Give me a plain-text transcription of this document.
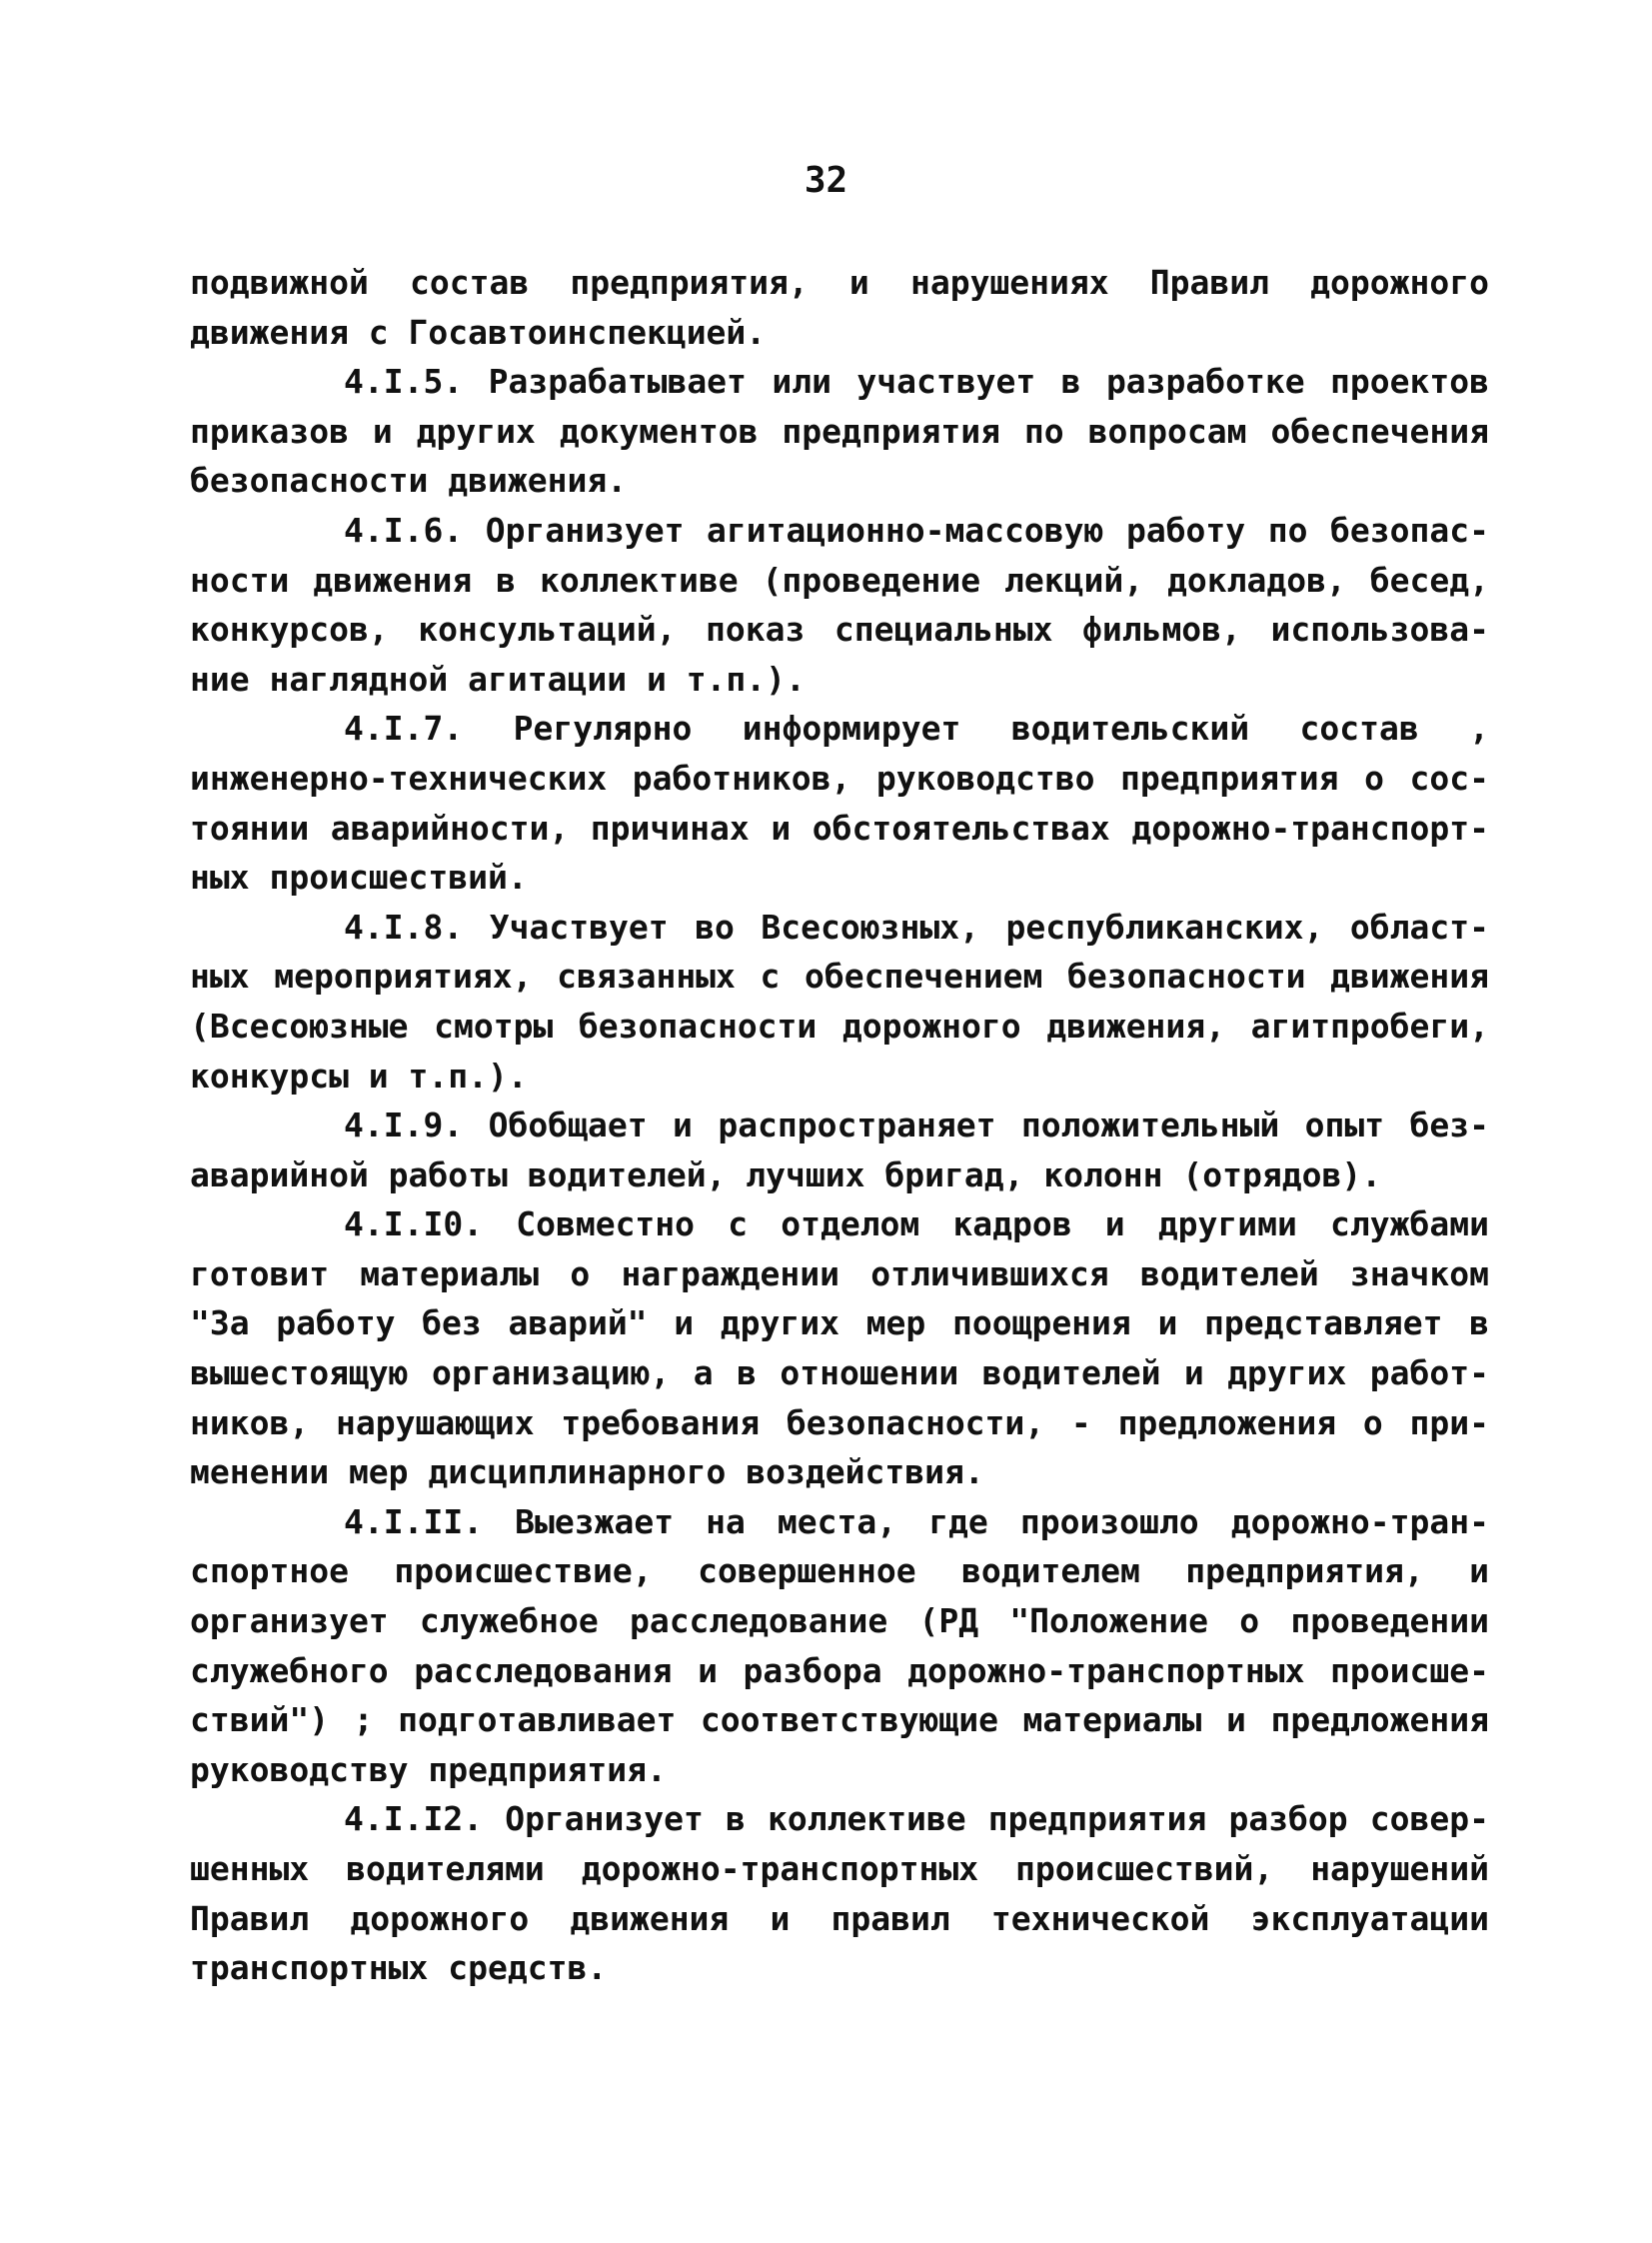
32
подвижной состав предприятия, и нарушениях Правил дорожного
движения с Госавтоинспекцией.
4.I.5. Разрабатывает или участвует в разработке проектов
приказов и других документов предприятия по вопросам обеспечения
безопасности движения.
4.I.6. Организует агитационно-массовую работу по безопас-
ности движения в коллективе (проведение лекций, докладов, бесед,
конкурсов, консультаций, показ специальных фильмов, использова-
ние наглядной агитации и т.п.).
4.I.7. Регулярно информирует водительский состав ,
инженерно-технических работников, руководство предприятия о сос-
тоянии аварийности, причинах и обстоятельствах дорожно-транспорт-
ных происшествий.
4.I.8. Участвует во Всесоюзных, республиканских, област-
ных мероприятиях, связанных с обеспечением безопасности движения
(Всесоюзные смотры безопасности дорожного движения, агитпробеги,
конкурсы и т.п.).
4.I.9. Обобщает и распространяет положительный опыт без-
аварийной работы водителей, лучших бригад, колонн (отрядов).
4.I.I0. Совместно с отделом кадров и другими службами
готовит материалы о награждении отличившихся водителей значком
"За работу без аварий" и других мер поощрения и представляет в
вышестоящую организацию, а в отношении водителей и других работ-
ников, нарушающих требования безопасности, - предложения о при-
менении мер дисциплинарного воздействия.
4.I.II. Выезжает на места, где произошло дорожно-тран-
спортное происшествие, совершенное водителем предприятия, и
организует служебное расследование (РД "Положение о проведении
служебного расследования и разбора дорожно-транспортных происше-
ствий") ; подготавливает соответствующие материалы и предложения
руководству предприятия.
4.I.I2. Организует в коллективе предприятия разбор совер-
шенных водителями дорожно-транспортных происшествий, нарушений
Правил дорожного движения и правил технической эксплуатации
транспортных средств.
